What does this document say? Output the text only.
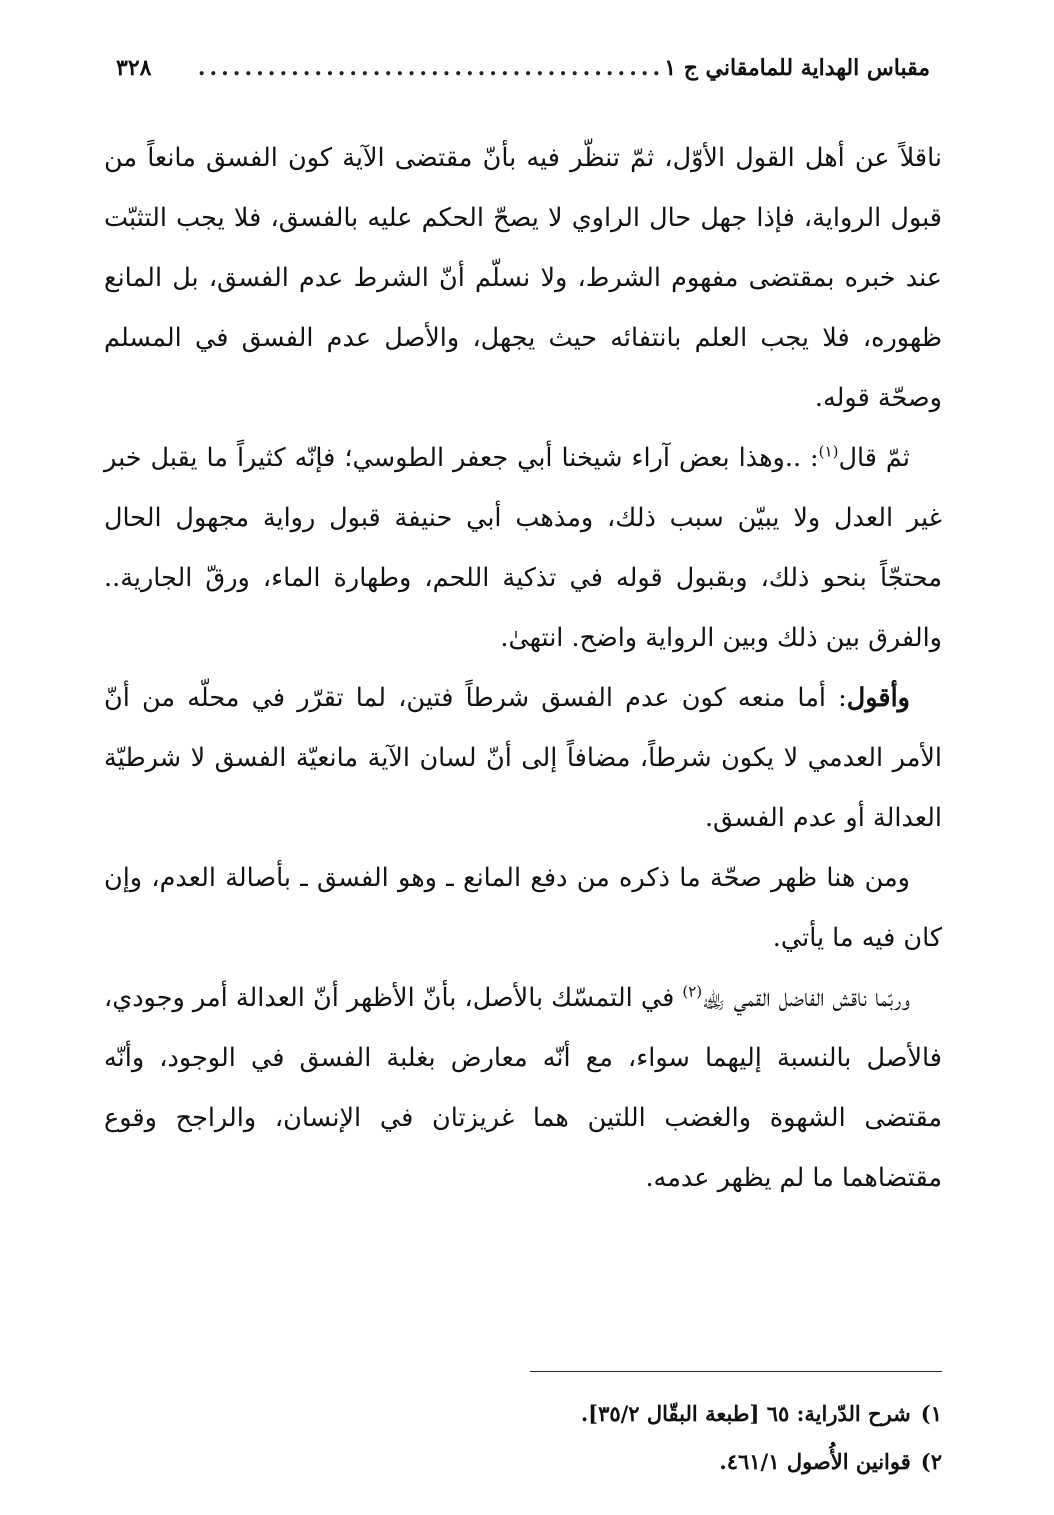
مقباس الهداية للمامقاني ج ١
........................................
٣٢٨

ناقلاً عن أهل القول الأوّل، ثمّ تنظّر فيه بأنّ مقتضى الآية كون الفسق مانعاً من قبول الرواية، فإذا جهل حال الراوي لا يصحّ الحكم عليه بالفسق، فلا يجب التثبّت عند خبره بمقتضى مفهوم الشرط، ولا نسلّم أنّ الشرط عدم الفسق، بل المانع ظهوره، فلا يجب العلم بانتفائه حيث يجهل، والأصل عدم الفسق في المسلم وصحّة قوله.

ثمّ قال$^{(١)}$: ..وهذا بعض آراء شيخنا أبي جعفر الطوسي؛ فإنّه كثيراً ما يقبل خبر غير العدل ولا يبيّن سبب ذلك، ومذهب أبي حنيفة قبول رواية مجهول الحال محتجّاً بنحو ذلك، وبقبول قوله في تذكية اللحم، وطهارة الماء، ورقّ الجارية.. والفرق بين ذلك وبين الرواية واضح. انتهىٰ.

وأقول: أما منعه كون عدم الفسق شرطاً فتين، لما تقرّر في محلّه من أنّ الأمر العدمي لا يكون شرطاً، مضافاً إلى أنّ لسان الآية مانعيّة الفسق لا شرطيّة العدالة أو عدم الفسق.

ومن هنا ظهر صحّة ما ذكره من دفع المانع ـ وهو الفسق ـ بأصالة العدم، وإن كان فيه ما يأتي.

وربّما ناقش الفاضل القمي ﵀$^{(٢)}$ في التمسّك بالأصل، بأنّ الأظهر أنّ العدالة أمر وجودي، فالأصل بالنسبة إليهما سواء، مع أنّه معارض بغلبة الفسق في الوجود، وأنّه مقتضى الشهوة والغضب اللتين هما غريزتان في الإنسان، والراجح وقوع مقتضاهما ما لم يظهر عدمه.

١)شرح الدّراية: ٦٥ [طبعة البقّال ٣٥/٢].

٢)قوانين الأُصول ٤٦١/١.
